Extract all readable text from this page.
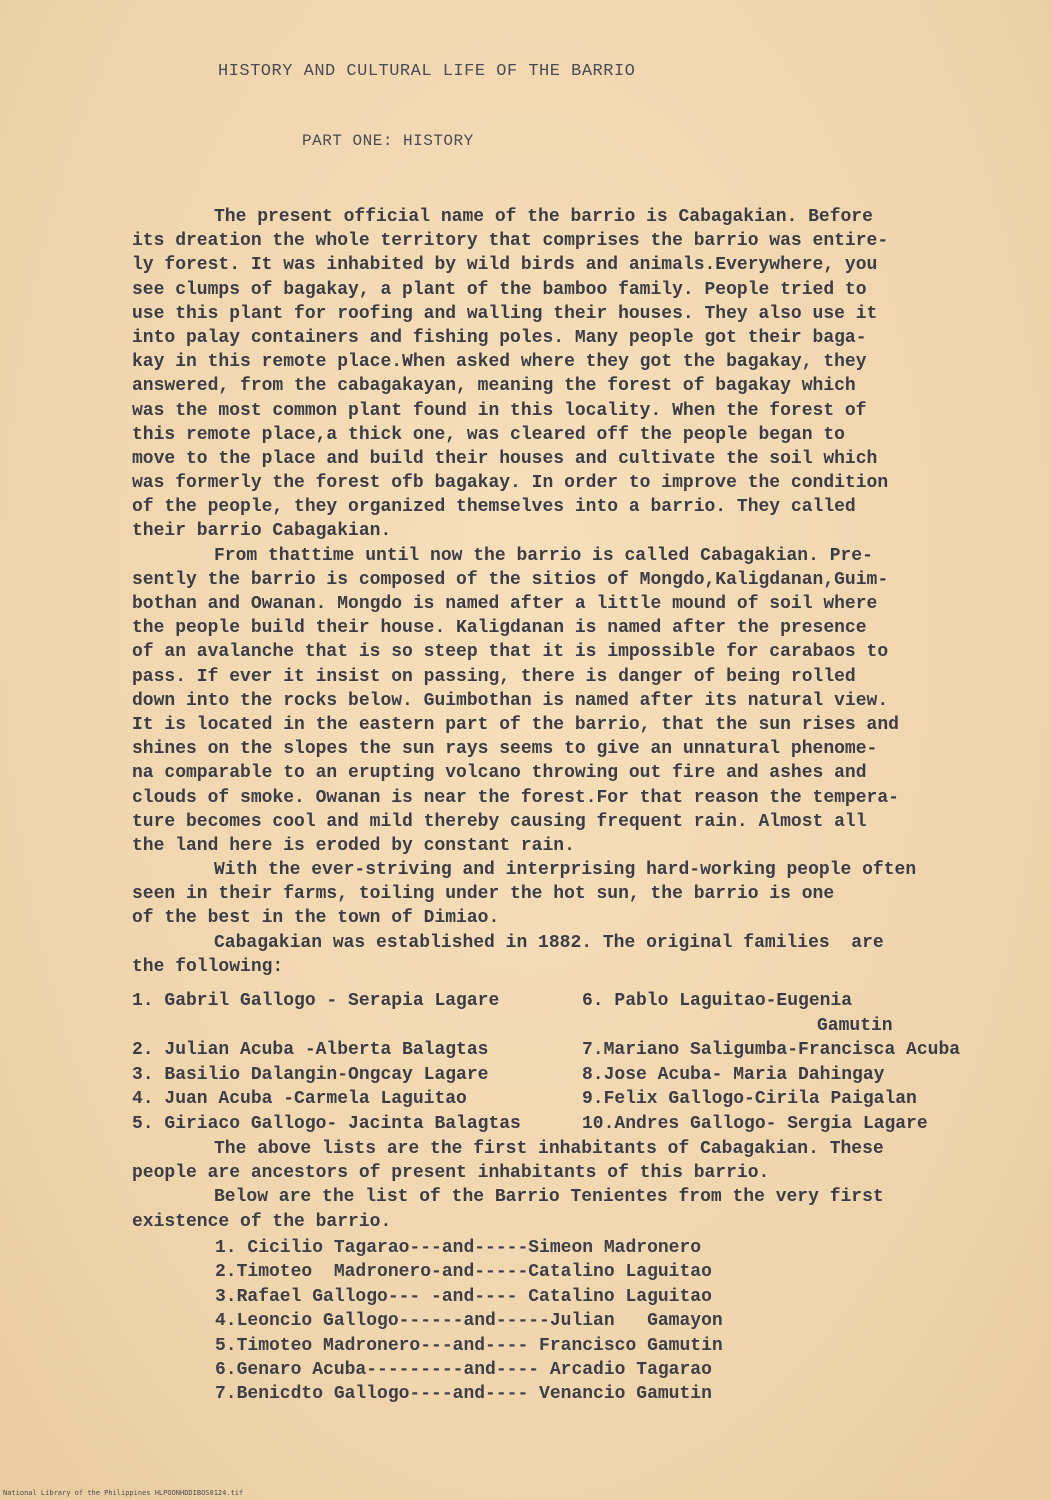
HISTORY AND CULTURAL LIFE OF THE BARRIO
PART ONE: HISTORY
The present official name of the barrio is Cabagakian. Before
its dreation the whole territory that comprises the barrio was entire-
ly forest. It was inhabited by wild birds and animals.Everywhere, you
see clumps of bagakay, a plant of the bamboo family. People tried to
use this plant for roofing and walling their houses. They also use it
into palay containers and fishing poles. Many people got their baga-
kay in this remote place.When asked where they got the bagakay, they
answered, from the cabagakayan, meaning the forest of bagakay which
was the most common plant found in this locality. When the forest of
this remote place,a thick one, was cleared off the people began to
move to the place and build their houses and cultivate the soil which
was formerly the forest ofb bagakay. In order to improve the condition
of the people, they organized themselves into a barrio. They called
their barrio Cabagakian.
From thattime until now the barrio is called Cabagakian. Pre-
sently the barrio is composed of the sitios of Mongdo,Kaligdanan,Guim-
bothan and Owanan. Mongdo is named after a little mound of soil where
the people build their house. Kaligdanan is named after the presence
of an avalanche that is so steep that it is impossible for carabaos to
pass. If ever it insist on passing, there is danger of being rolled
down into the rocks below. Guimbothan is named after its natural view.
It is located in the eastern part of the barrio, that the sun rises and
shines on the slopes the sun rays seems to give an unnatural phenome-
na comparable to an erupting volcano throwing out fire and ashes and
clouds of smoke. Owanan is near the forest.For that reason the tempera-
ture becomes cool and mild thereby causing frequent rain. Almost all
the land here is eroded by constant rain.
With the ever-striving and interprising hard-working people often
seen in their farms, toiling under the hot sun, the barrio is one
of the best in the town of Dimiao.
Cabagakian was established in 1882. The original families  are
the following:
1. Gabril Gallogo - Serapia Lagare	6. Pablo Laguitao-Eugenia
Gamutin
2. Julian Acuba -Alberta Balagtas	7.Mariano Saligumba-Francisca Acuba
3. Basilio Dalangin-Ongcay Lagare	8.Jose Acuba- Maria Dahingay
4. Juan Acuba -Carmela Laguitao	9.Felix Gallogo-Cirila Paigalan
5. Giriaco Gallogo- Jacinta Balagtas	10.Andres Gallogo- Sergia Lagare
The above lists are the first inhabitants of Cabagakian. These
people are ancestors of present inhabitants of this barrio.
Below are the list of the Barrio Tenientes from the very first
existence of the barrio.
1. Cicilio Tagarao---and-----Simeon Madronero
2.Timoteo  Madronero-and-----Catalino Laguitao
3.Rafael Gallogo--- -and---- Catalino Laguitao
4.Leoncio Gallogo------and-----Julian   Gamayon
5.Timoteo Madronero---and---- Francisco Gamutin
6.Genaro Acuba---------and---- Arcadio Tagarao
7.Benicdto Gallogo----and---- Venancio Gamutin
National Library of the Philippines HLPOONHDDIBOS0124.tif
